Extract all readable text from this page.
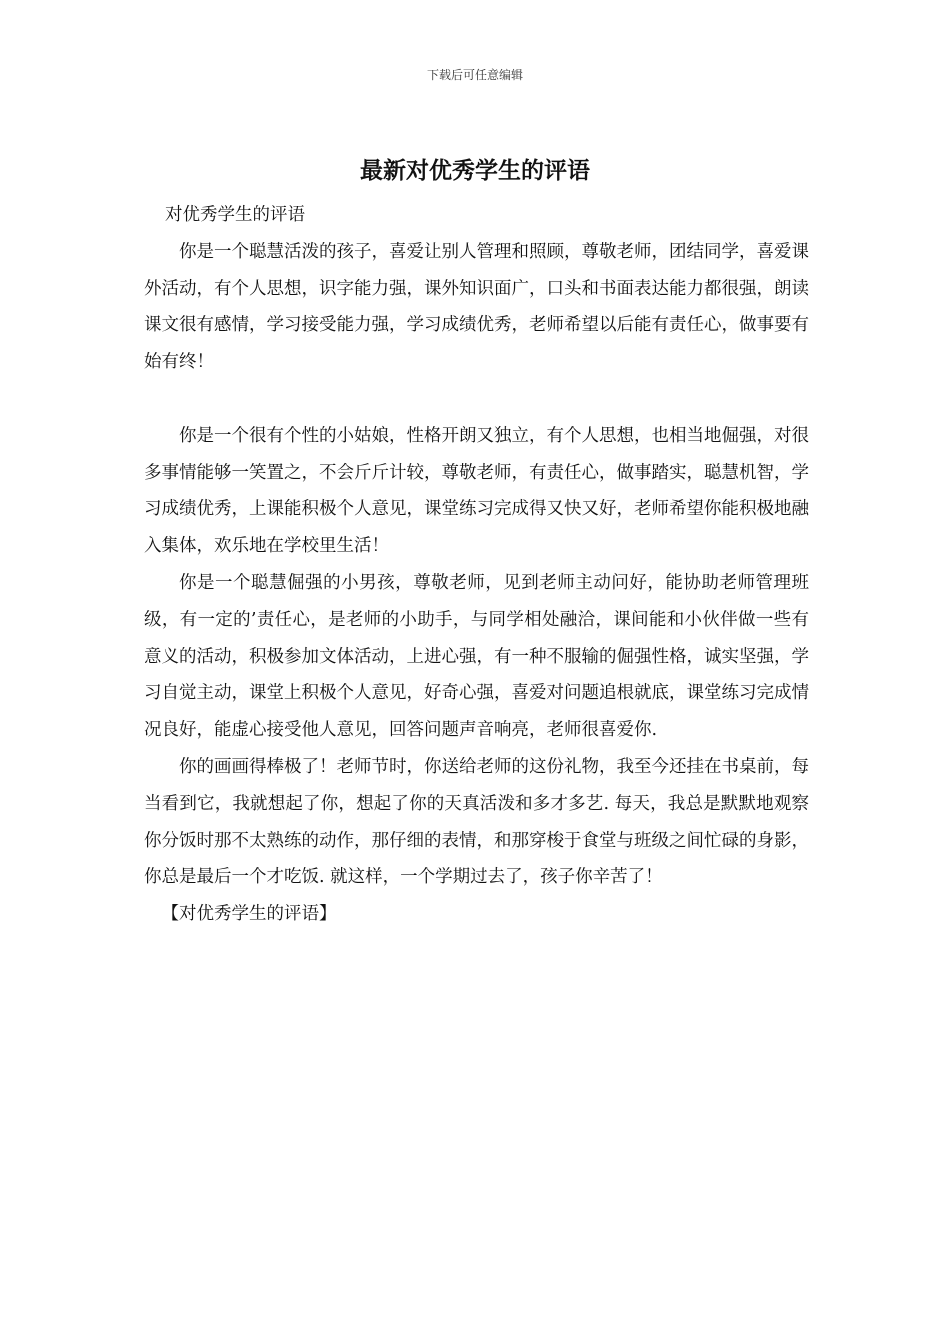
下载后可任意编辑
最新对优秀学生的评语

对优秀学生的评语

你是一个聪慧活泼的孩子，喜爱让别人管理和照顾，尊敬老师，团结同学，喜爱课外活动，有个人思想，识字能力强，课外知识面广，口头和书面表达能力都很强，朗读课文很有感情，学习接受能力强，学习成绩优秀，老师希望以后能有责任心，做事要有始有终！

你是一个很有个性的小姑娘，性格开朗又独立，有个人思想，也相当地倔强，对很多事情能够一笑置之，不会斤斤计较，尊敬老师，有责任心，做事踏实，聪慧机智，学习成绩优秀，上课能积极个人意见，课堂练习完成得又快又好，老师希望你能积极地融入集体，欢乐地在学校里生活！

你是一个聪慧倔强的小男孩，尊敬老师，见到老师主动问好，能协助老师管理班级，有一定的’责任心，是老师的小助手，与同学相处融洽，课间能和小伙伴做一些有意义的活动，积极参加文体活动，上进心强，有一种不服输的倔强性格，诚实坚强，学习自觉主动，课堂上积极个人意见，好奇心强，喜爱对问题追根就底，课堂练习完成情况良好，能虚心接受他人意见，回答问题声音响亮，老师很喜爱你.

你的画画得棒极了！老师节时，你送给老师的这份礼物，我至今还挂在书桌前，每当看到它，我就想起了你，想起了你的天真活泼和多才多艺. 每天，我总是默默地观察你分饭时那不太熟练的动作，那仔细的表情，和那穿梭于食堂与班级之间忙碌的身影，你总是最后一个才吃饭. 就这样，一个学期过去了，孩子你辛苦了！

【对优秀学生的评语】
